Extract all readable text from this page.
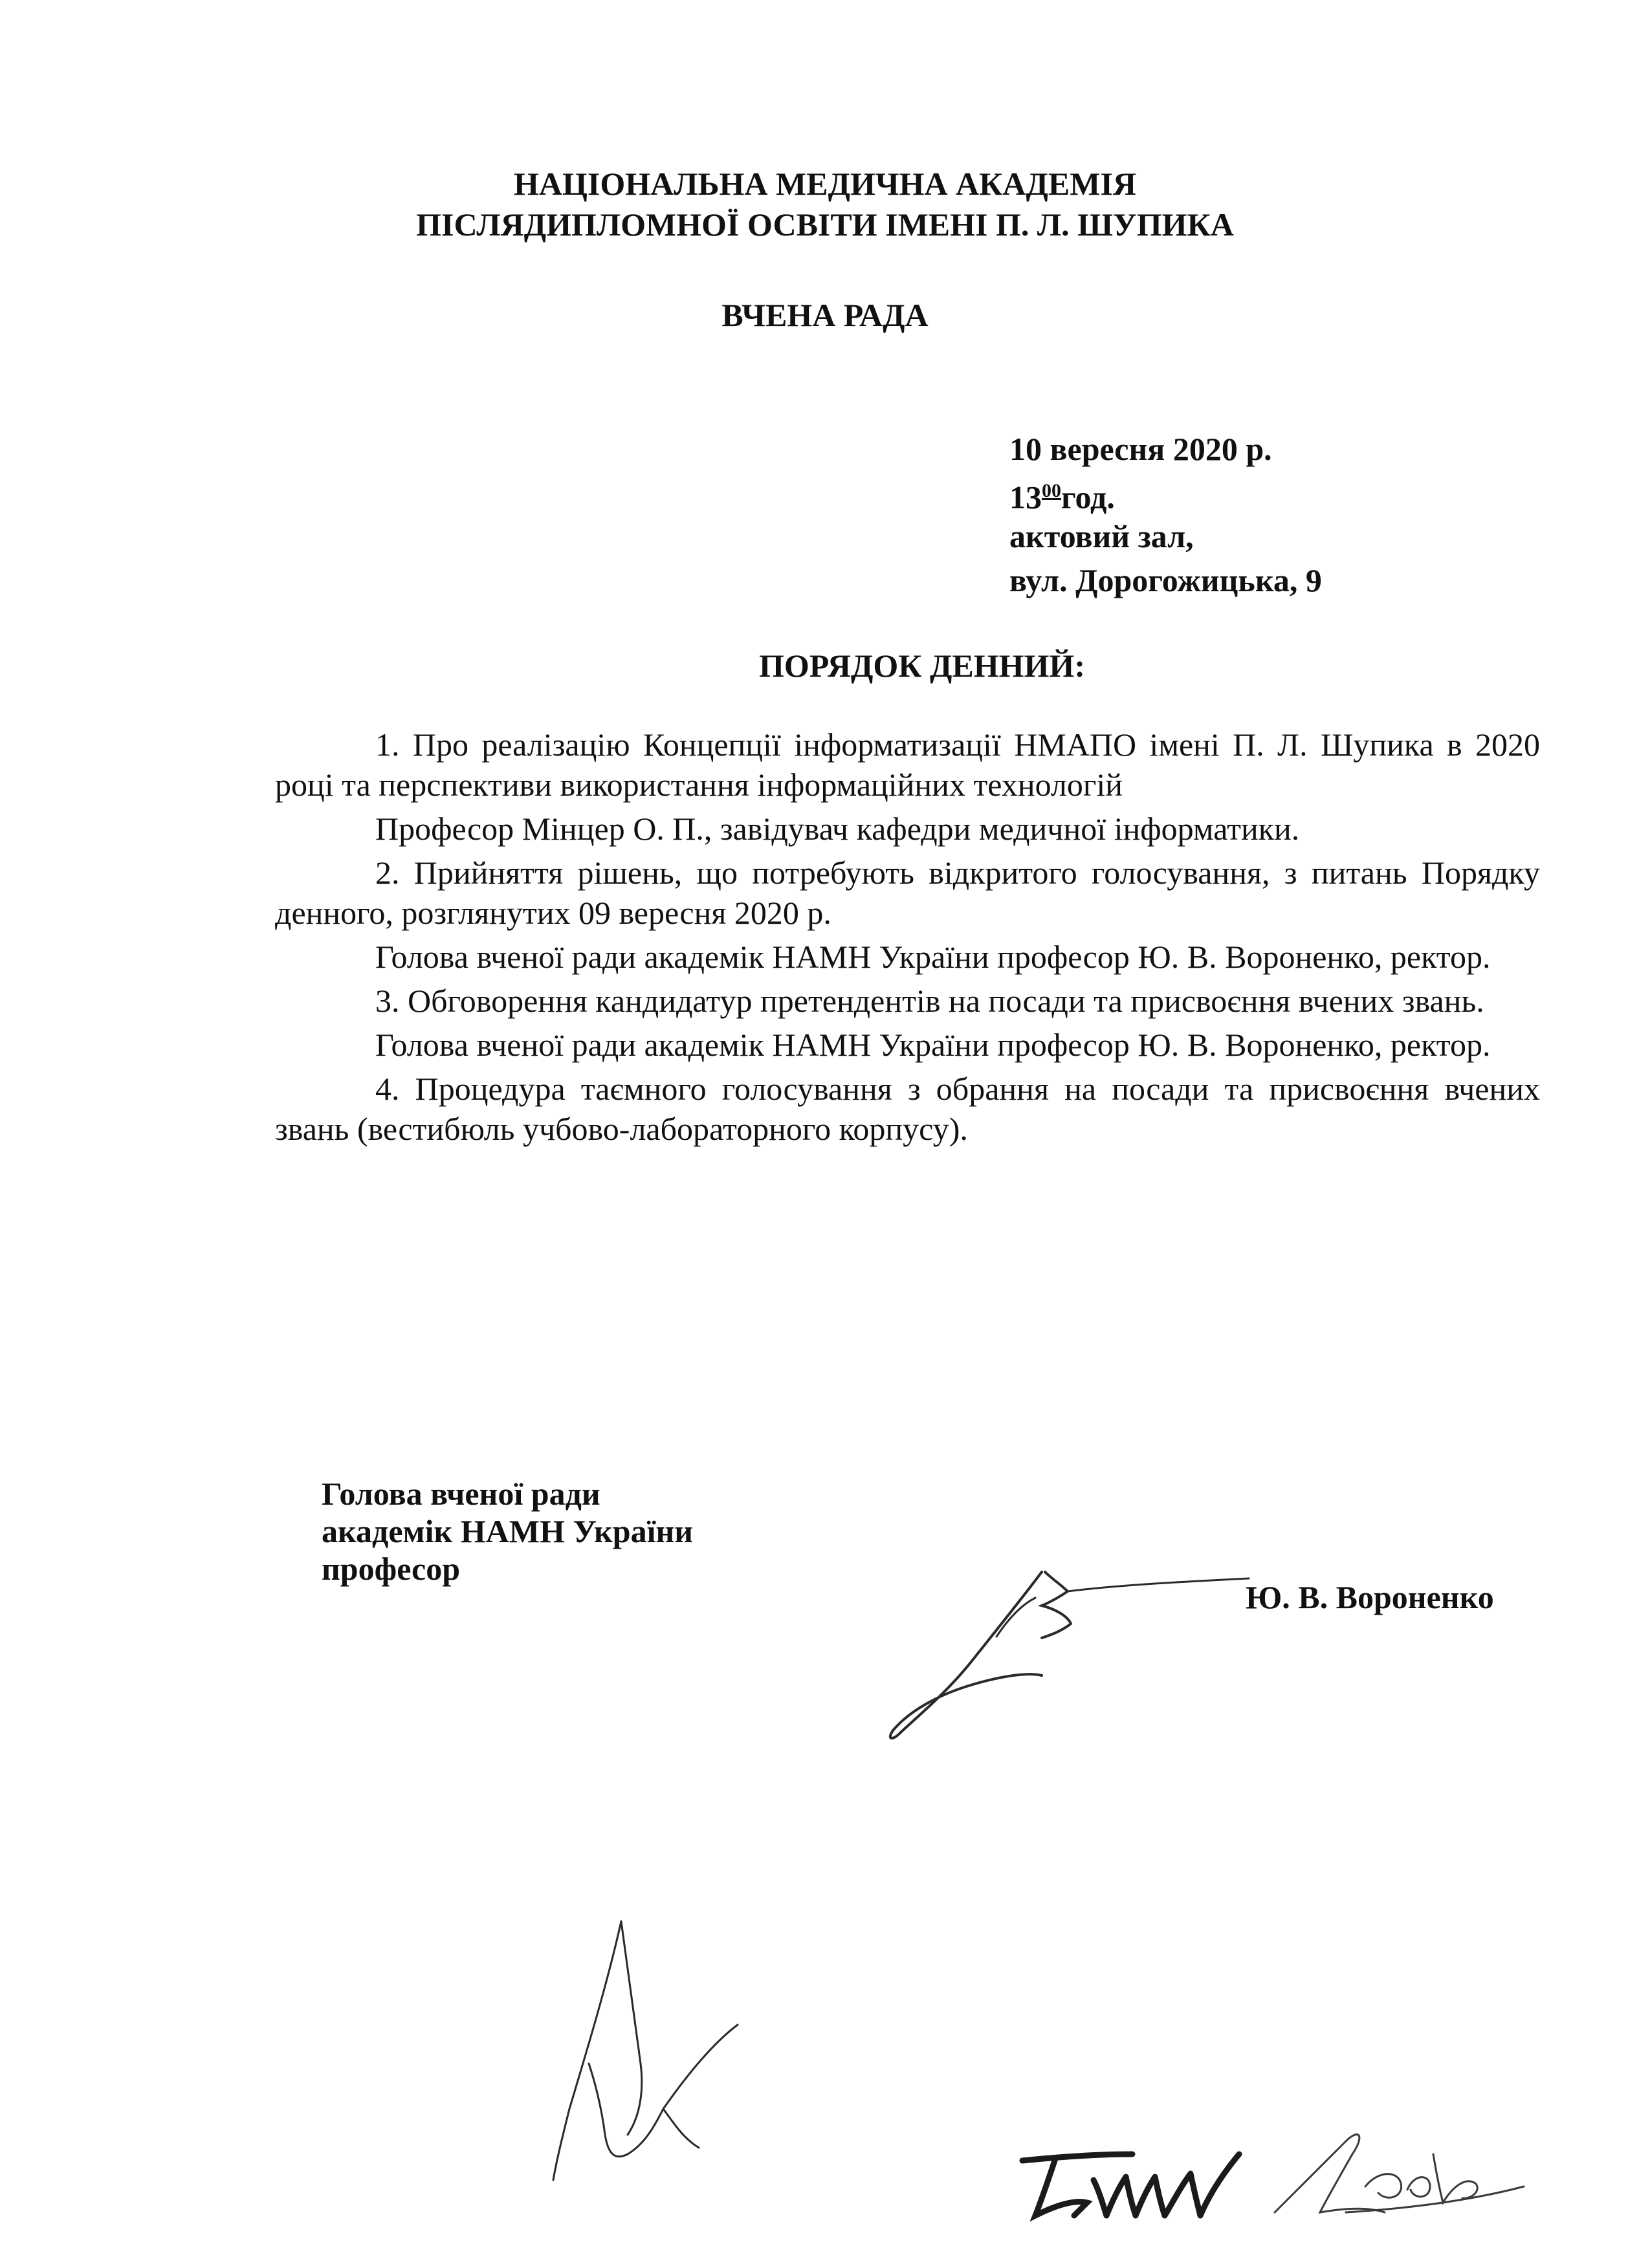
НАЦІОНАЛЬНА МЕДИЧНА АКАДЕМІЯ

ПІСЛЯДИПЛОМНОЇ ОСВІТИ ІМЕНІ П. Л. ШУПИКА

ВЧЕНА РАДА

10 вересня 2020 р.
$13^{00}год$.
актовий зал,
вул. Дорогожицька, 9

ПОРЯДОК ДЕННИЙ:

1. Про реалізацію Концепції інформатизації НМАПО імені П. Л. Шупика в 2020 році та перспективи використання інформаційних технологій

Професор Мінцер О. П., завідувач кафедри медичної інформатики.

2. Прийняття рішень, що потребують відкритого голосування, з питань Порядку денного, розглянутих 09 вересня 2020 р.

Голова вченої ради академік НАМН України професор Ю. В. Вороненко, ректор.

3. Обговорення кандидатур претендентів на посади та присвоєння вчених звань.

Голова вченої ради академік НАМН України професор Ю. В. Вороненко, ректор.

4. Процедура таємного голосування з обрання на посади та присвоєння вчених звань (вестибюль учбово-лабораторного корпусу).

Голова вченої ради
академік НАМН України
професор
Ю. В. Вороненко
